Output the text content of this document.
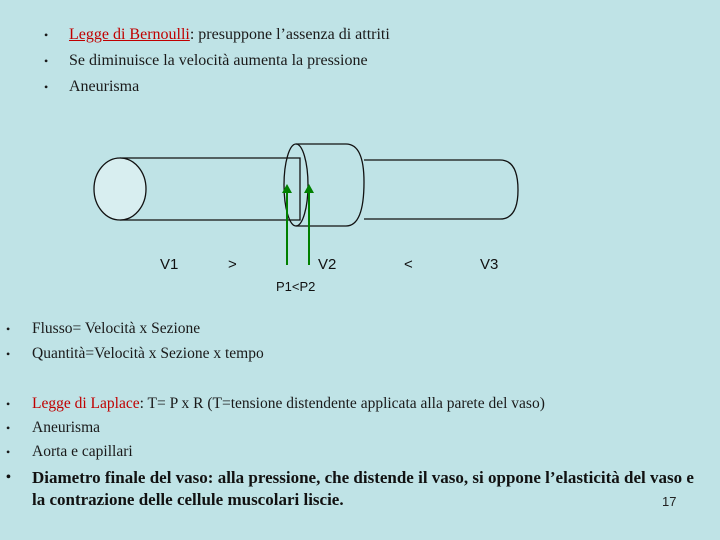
• Legge di Bernoulli: presuppone l’assenza di attriti
• Se diminuisce la velocità aumenta la pressione
• Aneurisma
V1	>	V2	<	V3
P1<P2
• Flusso= Velocità x Sezione
• Quantità=Velocità x Sezione x tempo
• Legge di Laplace: T= P x R (T=tensione distendente applicata alla parete del vaso)
• Aneurisma
• Aorta e capillari
•	Diametro finale del vaso: alla pressione, che distende il vaso, si oppone l’elasticità del vaso e la contrazione delle cellule muscolari liscie.	17
